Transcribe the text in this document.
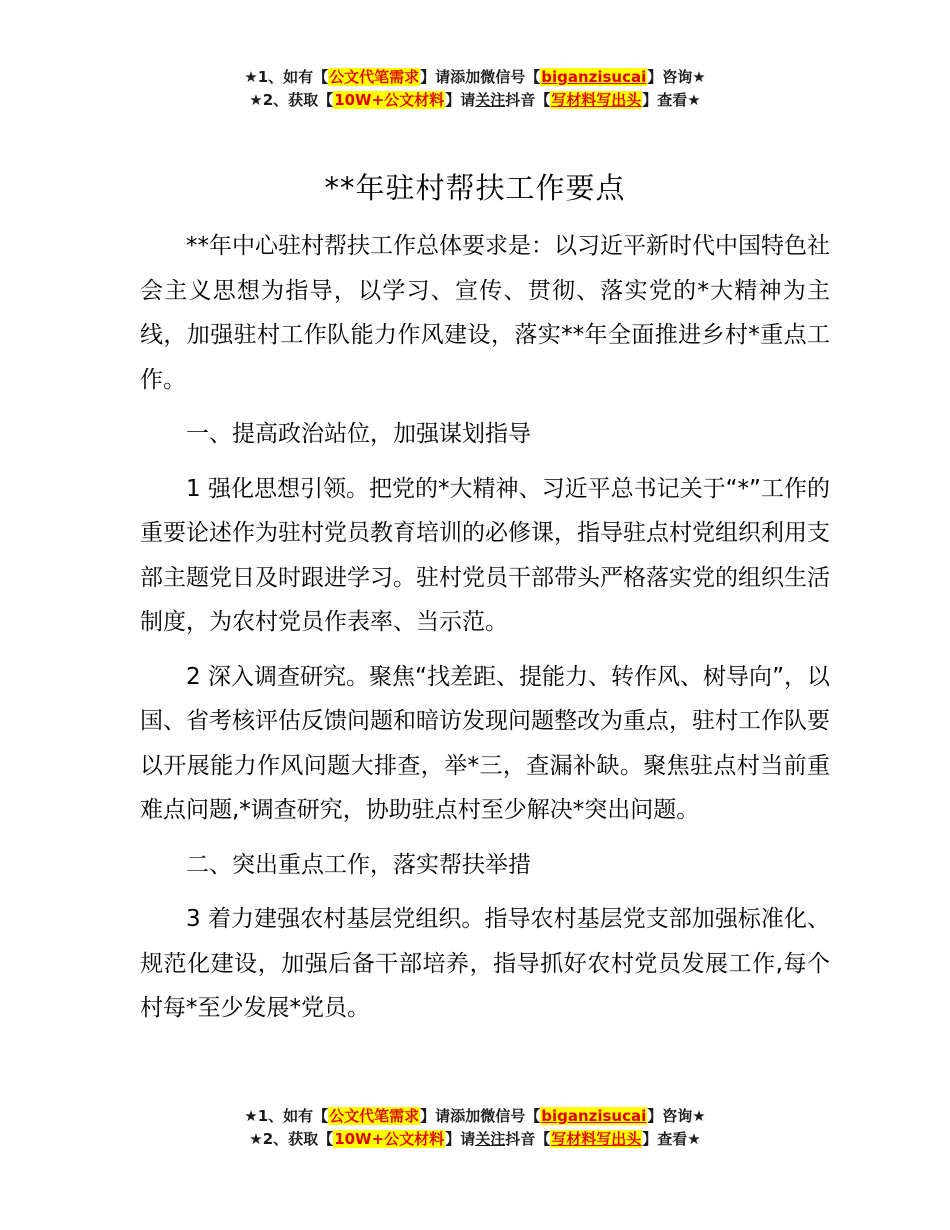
★1、如有【公文代笔需求】请添加微信号【biganzisucai】咨询★
★2、获取【10W+公文材料】请关注抖音【写材料写出头】查看★
**年驻村帮扶工作要点

**年中心驻村帮扶工作总体要求是：以习近平新时代中国特色社会主义思想为指导，以学习、宣传、贯彻、落实党的*大精神为主线，加强驻村工作队能力作风建设，落实**年全面推进乡村*重点工作。

一、提高政治站位，加强谋划指导

1 强化思想引领。把党的*大精神、习近平总书记关于“*”工作的重要论述作为驻村党员教育培训的必修课，指导驻点村党组织利用支部主题党日及时跟进学习。驻村党员干部带头严格落实党的组织生活制度，为农村党员作表率、当示范。

2 深入调查研究。聚焦“找差距、提能力、转作风、树导向”，以国、省考核评估反馈问题和暗访发现问题整改为重点，驻村工作队要以开展能力作风问题大排查，举*三，查漏补缺。聚焦驻点村当前重难点问题,*调查研究，协助驻点村至少解决*突出问题。

二、突出重点工作，落实帮扶举措

3 着力建强农村基层党组织。指导农村基层党支部加强标准化、规范化建设，加强后备干部培养，指导抓好农村党员发展工作,每个村每*至少发展*党员。

★1、如有【公文代笔需求】请添加微信号【biganzisucai】咨询★
★2、获取【10W+公文材料】请关注抖音【写材料写出头】查看★
